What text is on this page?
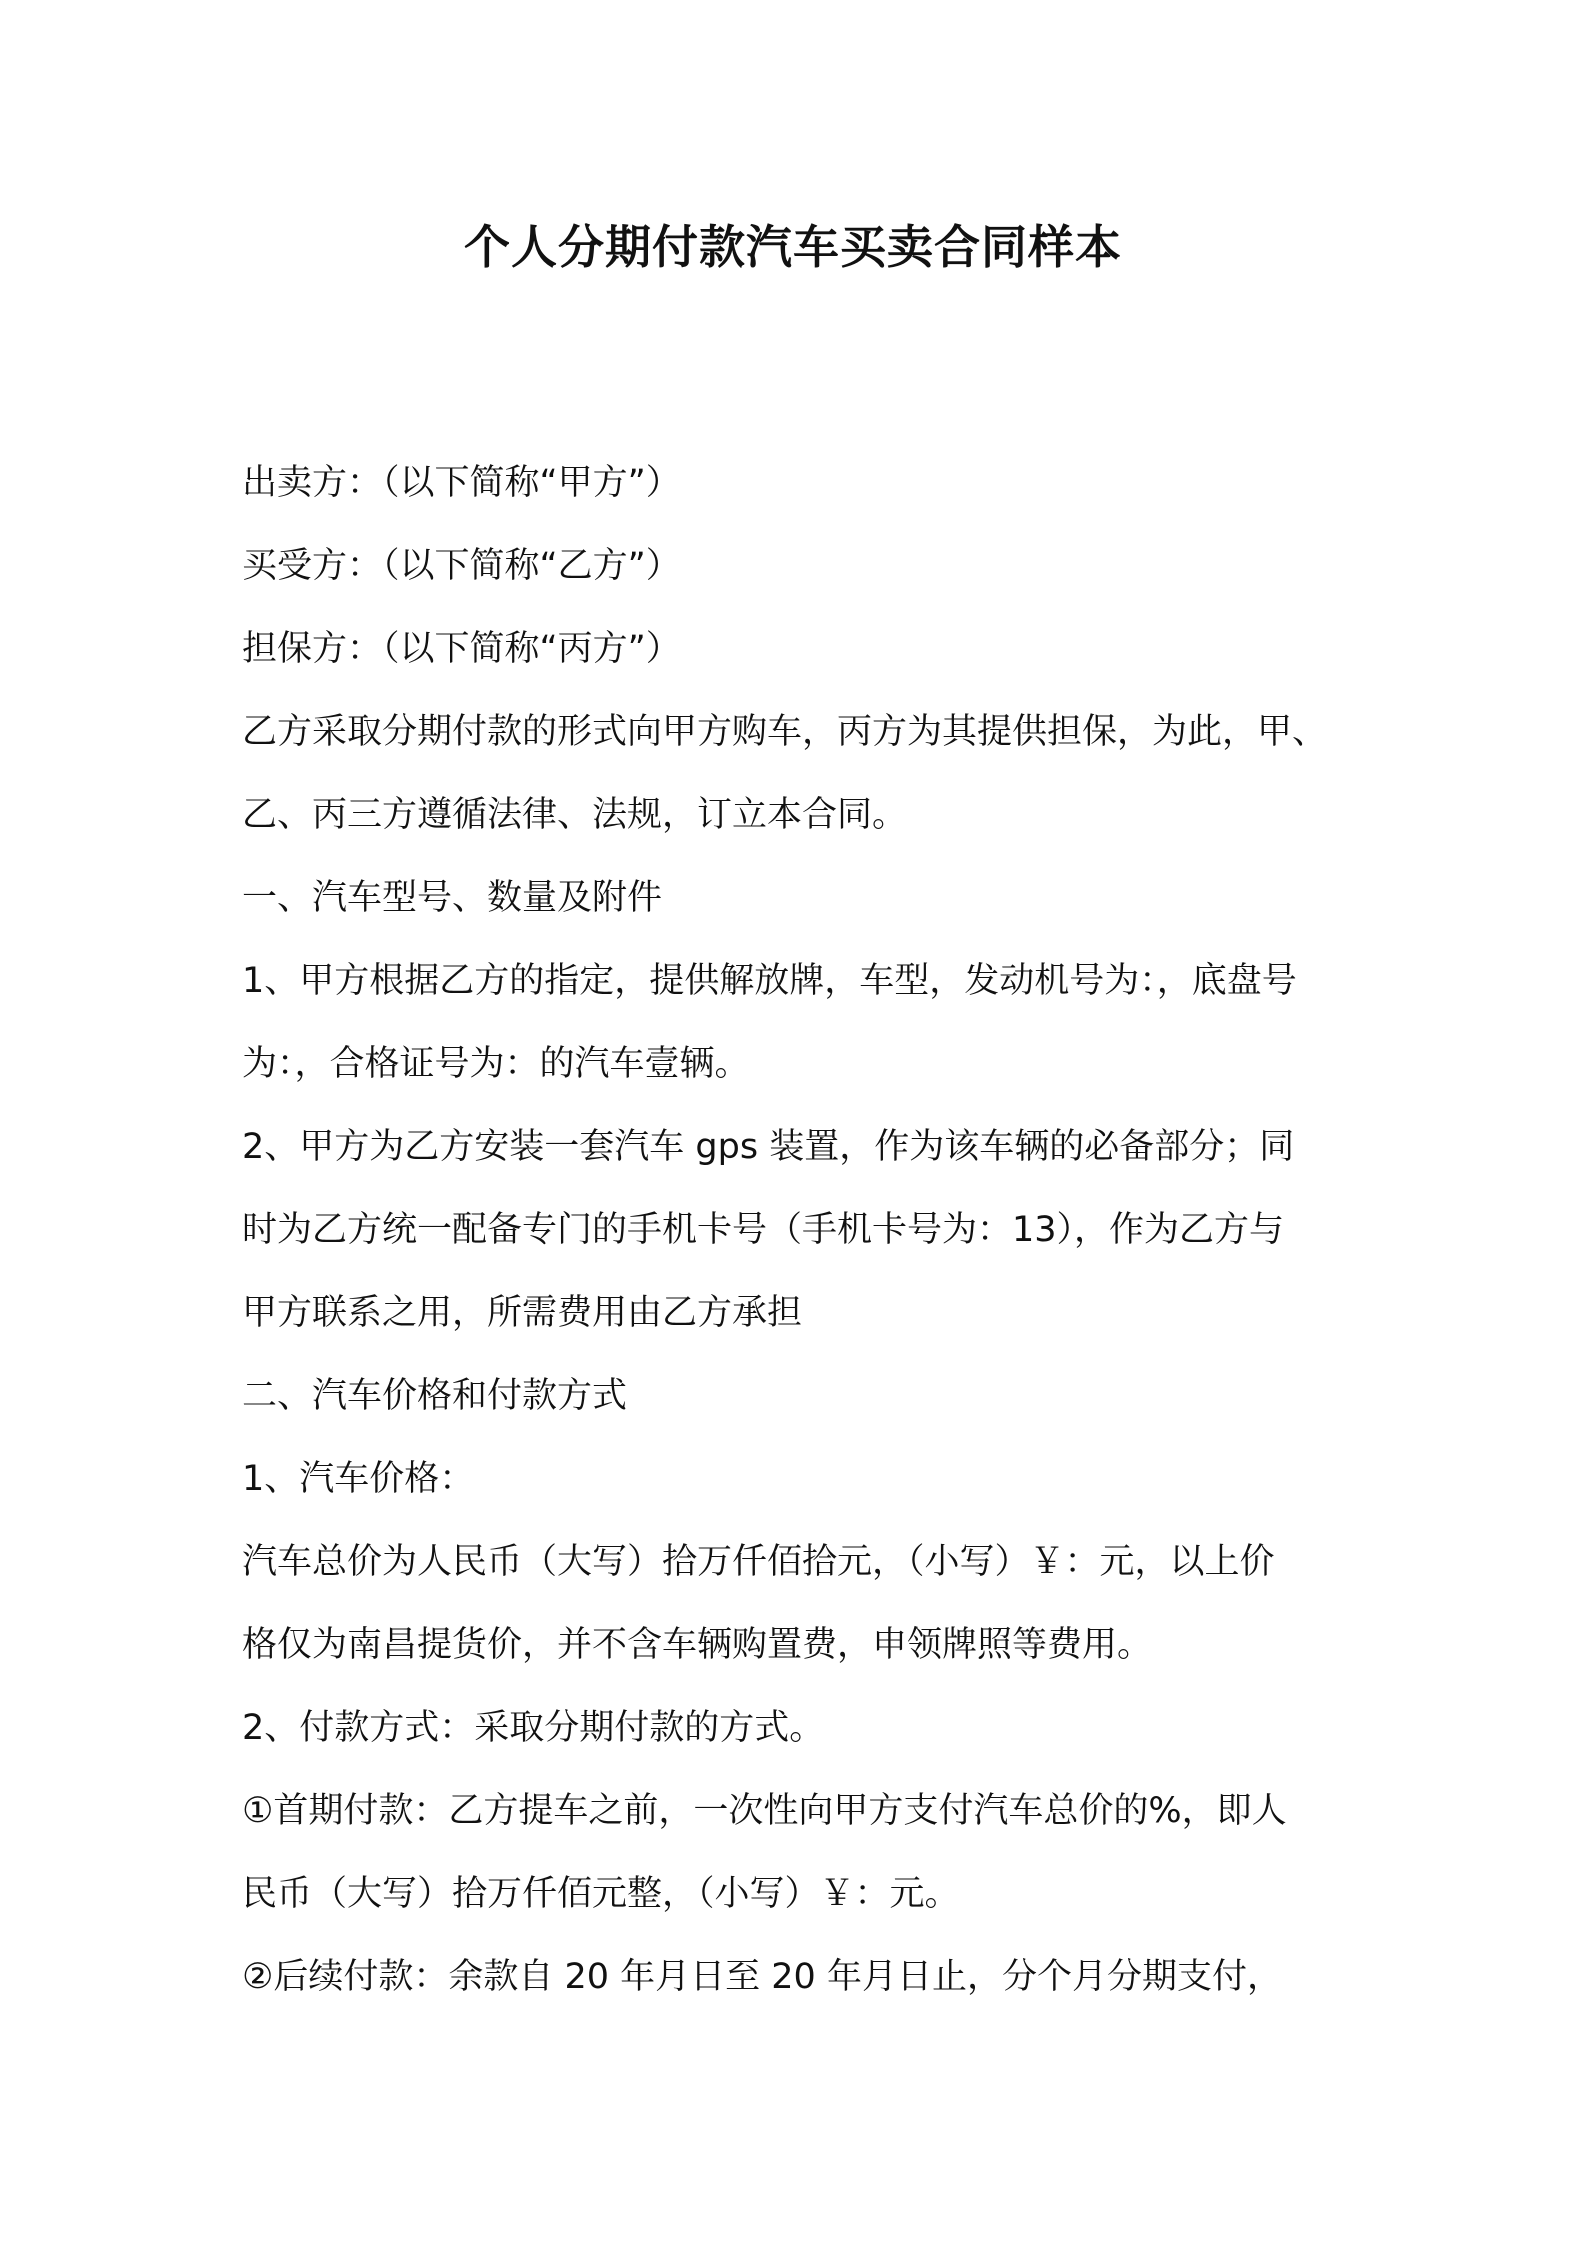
个人分期付款汽车买卖合同样本
出卖方：（以下简称“甲方”）
买受方：（以下简称“乙方”）
担保方：（以下简称“丙方”）
乙方采取分期付款的形式向甲方购车，丙方为其提供担保，为此，甲、
乙、丙三方遵循法律、法规，订立本合同。
一、汽车型号、数量及附件
1、甲方根据乙方的指定，提供解放牌，车型，发动机号为：，底盘号
为：，合格证号为：的汽车壹辆。
2、甲方为乙方安装一套汽车 gps 装置，作为该车辆的必备部分；同
时为乙方统一配备专门的手机卡号（手机卡号为：13），作为乙方与
甲方联系之用，所需费用由乙方承担
二、汽车价格和付款方式
1、汽车价格：
汽车总价为人民币（大写）拾万仟佰拾元，（小写）￥：元，以上价
格仅为南昌提货价，并不含车辆购置费，申领牌照等费用。
2、付款方式：采取分期付款的方式。
①首期付款：乙方提车之前，一次性向甲方支付汽车总价的%，即人
民币（大写）拾万仟佰元整，（小写）￥：元。
②后续付款：余款自 20 年月日至 20 年月日止，分个月分期支付，
